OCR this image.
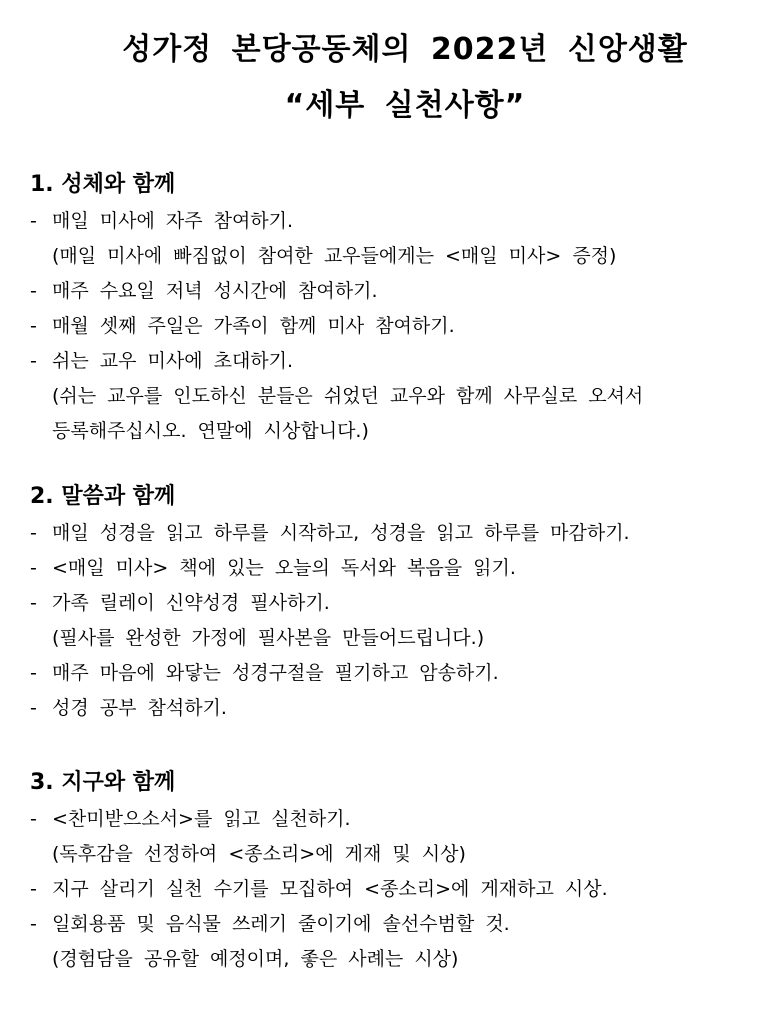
성가정 본당공동체의 2022년 신앙생활
“세부 실천사항”
1. 성체와 함께
- 매일 미사에 자주 참여하기.
(매일 미사에 빠짐없이 참여한 교우들에게는 <매일 미사> 증정)
- 매주 수요일 저녁 성시간에 참여하기.
- 매월 셋째 주일은 가족이 함께 미사 참여하기.
- 쉬는 교우 미사에 초대하기.
(쉬는 교우를 인도하신 분들은 쉬었던 교우와 함께 사무실로 오셔서
등록해주십시오. 연말에 시상합니다.)
2. 말씀과 함께
- 매일 성경을 읽고 하루를 시작하고, 성경을 읽고 하루를 마감하기.
- <매일 미사> 책에 있는 오늘의 독서와 복음을 읽기.
- 가족 릴레이 신약성경 필사하기.
(필사를 완성한 가정에 필사본을 만들어드립니다.)
- 매주 마음에 와닿는 성경구절을 필기하고 암송하기.
- 성경 공부 참석하기.
3. 지구와 함께
- <찬미받으소서>를 읽고 실천하기.
(독후감을 선정하여 <종소리>에 게재 및 시상)
- 지구 살리기 실천 수기를 모집하여 <종소리>에 게재하고 시상.
- 일회용품 및 음식물 쓰레기 줄이기에 솔선수범할 것.
(경험담을 공유할 예정이며, 좋은 사례는 시상)
